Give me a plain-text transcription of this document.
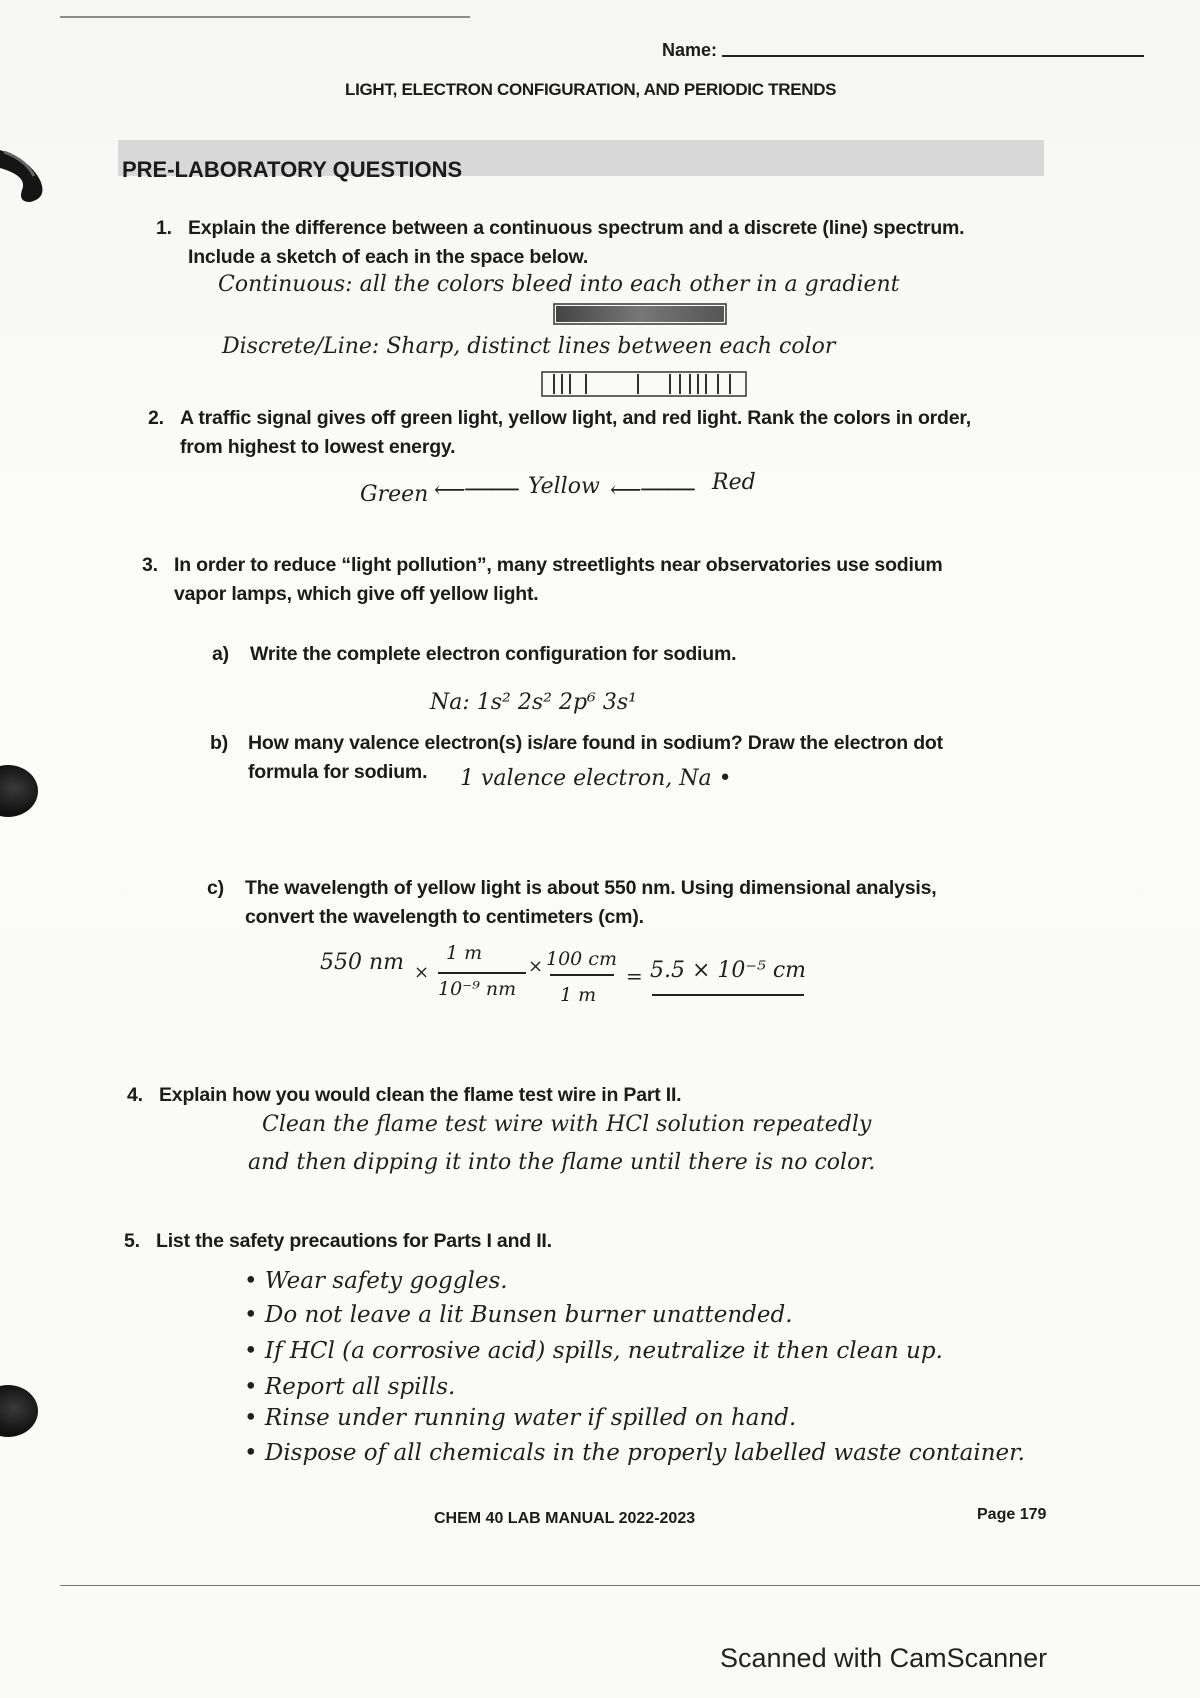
Name:
LIGHT, ELECTRON CONFIGURATION, AND PERIODIC TRENDS
PRE-LABORATORY QUESTIONS
1. Explain the difference between a continuous spectrum and a discrete (line) spectrum.
Include a sketch of each in the space below.
Continuous: all the colors bleed into each other in a gradient
Discrete/Line: Sharp, distinct lines between each color
2. A traffic signal gives off green light, yellow light, and red light. Rank the colors in order,
from highest to lowest energy.
Green ⟵──── Yellow ⟵──── Red
3. In order to reduce “light pollution”, many streetlights near observatories use sodium
vapor lamps, which give off yellow light.
a) Write the complete electron configuration for sodium.
Na: 1s² 2s² 2p⁶ 3s¹
b) How many valence electron(s) is/are found in sodium? Draw the electron dot
formula for sodium.	1 valence electron, Na •
c) The wavelength of yellow light is about 550 nm. Using dimensional analysis,
convert the wavelength to centimeters (cm).
550 nm ×
1 m
10⁻⁹ nm
× 100 cm
1 m
= 5.5 × 10⁻⁵ cm
4. Explain how you would clean the flame test wire in Part II.
Clean the flame test wire with HCl solution repeatedly
and then dipping it into the flame until there is no color.
5. List the safety precautions for Parts I and II.
• Wear safety goggles.
• Do not leave a lit Bunsen burner unattended.
• If HCl (a corrosive acid) spills, neutralize it then clean up.
• Report all spills.
• Rinse under running water if spilled on hand.
• Dispose of all chemicals in the properly labelled waste container.
CHEM 40 LAB MANUAL 2022-2023	Page 179
Scanned with CamScanner
